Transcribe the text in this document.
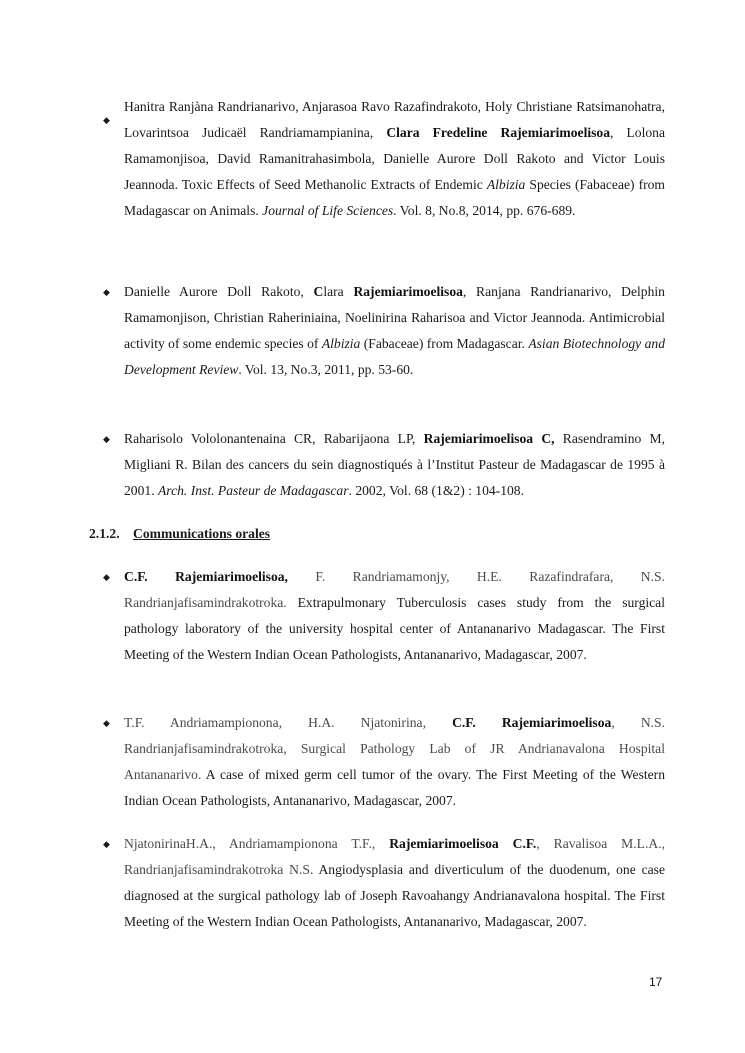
◆

Hanitra Ranjàna Randrianarivo, Anjarasoa Ravo Razafindrakoto, Holy Christiane Ratsimanohatra, Lovarintsoa Judicaël Randriamampianina, Clara Fredeline Rajemiarimoelisoa, Lolona Ramamonjisoa, David Ramanitrahasimbola, Danielle Aurore Doll Rakoto and Victor Louis Jeannoda. Toxic Effects of Seed Methanolic Extracts of Endemic Albizia Species (Fabaceae) from Madagascar on Animals. Journal of Life Sciences. Vol. 8, No.8, 2014, pp. 676-689.

◆ Danielle Aurore Doll Rakoto, Clara Rajemiarimoelisoa, Ranjana Randrianarivo, Delphin Ramamonjison, Christian Raheriniaina, Noelinirina Raharisoa and Victor Jeannoda. Antimicrobial activity of some endemic species of Albizia (Fabaceae) from Madagascar. Asian Biotechnology and Development Review. Vol. 13, No.3, 2011, pp. 53-60.

◆ Raharisolo Vololonantenaina CR, Rabarijaona LP, Rajemiarimoelisoa C, Rasendramino M, Migliani R. Bilan des cancers du sein diagnostiqués à l’Institut Pasteur de Madagascar de 1995 à 2001. Arch. Inst. Pasteur de Madagascar. 2002, Vol. 68 (1&2) : 104-108.

2.1.2. Communications orales
◆ C.F. Rajemiarimoelisoa, F. Randriamamonjy, H.E. Razafindrafara, N.S. Randrianjafisamindrakotroka. Extrapulmonary Tuberculosis cases study from the surgical pathology laboratory of the university hospital center of Antananarivo Madagascar. The First Meeting of the Western Indian Ocean Pathologists, Antananarivo, Madagascar, 2007.

◆ T.F. Andriamampionona, H.A. Njatonirina, C.F. Rajemiarimoelisoa, N.S. Randrianjafisamindrakotroka, Surgical Pathology Lab of JR Andrianavalona Hospital Antananarivo. A case of mixed germ cell tumor of the ovary. The First Meeting of the Western Indian Ocean Pathologists, Antananarivo, Madagascar, 2007.

◆ NjatonirinaH.A., Andriamampionona T.F., Rajemiarimoelisoa C.F., Ravalisoa M.L.A., Randrianjafisamindrakotroka N.S. Angiodysplasia and diverticulum of the duodenum, one case diagnosed at the surgical pathology lab of Joseph Ravoahangy Andrianavalona hospital. The First Meeting of the Western Indian Ocean Pathologists, Antananarivo, Madagascar, 2007.

17
